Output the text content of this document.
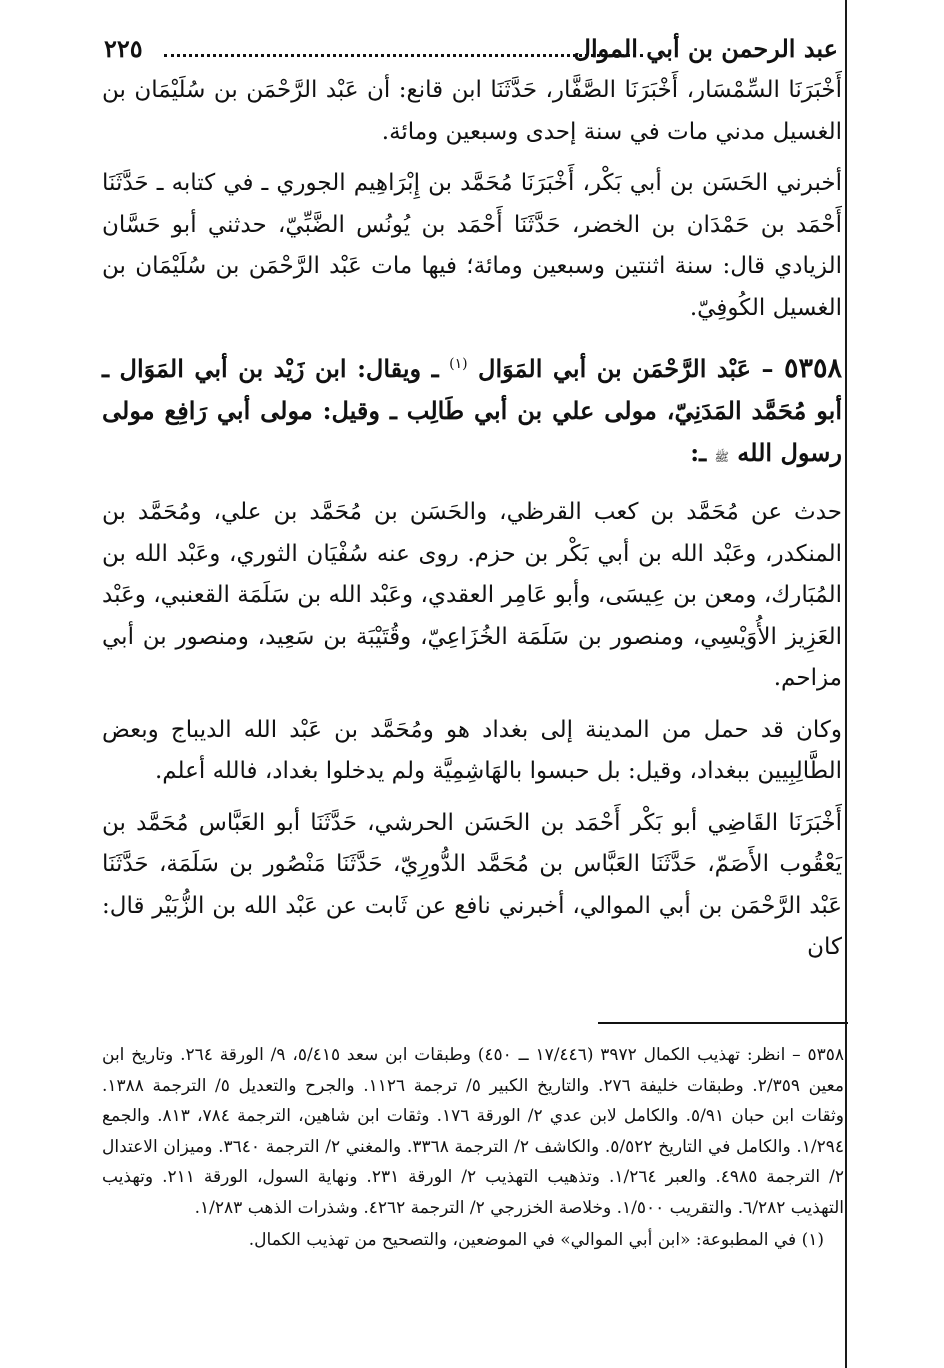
عبد الرحمن بن أبي الموال
٢٢٥

أَخْبَرَنَا السِّمْسَار، أَخْبَرَنَا الصَّفَّار، حَدَّثَنَا ابن قانع: أن عَبْد الرَّحْمَن بن سُلَيْمَان بن الغسيل مدني مات في سنة إحدى وسبعين ومائة.

أخبرني الحَسَن بن أبي بَكْر، أَخْبَرَنَا مُحَمَّد بن إِبْرَاهِيم الجوري ـ في كتابه ـ حَدَّثَنَا أَحْمَد بن حَمْدَان بن الخضر، حَدَّثَنَا أَحْمَد بن يُونُس الضَّبِّيّ، حدثني أبو حَسَّان الزيادي قال: سنة اثنتين وسبعين ومائة؛ فيها مات عَبْد الرَّحْمَن بن سُلَيْمَان بن الغسيل الكُوفِيّ.

٥٣٥٨ – عَبْد الرَّحْمَن بن أبي المَوَال $^{(١)}$ ـ ويقال: ابن زَيْد بن أبي المَوَال ـ أبو مُحَمَّد المَدَنِيّ، مولى علي بن أبي طَالِب ـ وقيل: مولى أبي رَافِع مولى رسول الله ﷺ ـ:

حدث عن مُحَمَّد بن كعب القرظي، والحَسَن بن مُحَمَّد بن علي، ومُحَمَّد بن المنكدر، وعَبْد الله بن أبي بَكْر بن حزم. روى عنه سُفْيَان الثوري، وعَبْد الله بن المُبَارك، ومعن بن عِيسَى، وأبو عَامِر العقدي، وعَبْد الله بن سَلَمَة القعنبي، وعَبْد العَزِيز الأُوَيْسِي، ومنصور بن سَلَمَة الخُزَاعِيّ، وقُتَيْبَة بن سَعِيد، ومنصور بن أبي مزاحم.

وكان قد حمل من المدينة إلى بغداد هو ومُحَمَّد بن عَبْد الله الديباج وبعض الطَّالِبِيين ببغداد، وقيل: بل حبسوا بالهَاشِمِيَّة ولم يدخلوا بغداد، فالله أعلم.

أَخْبَرَنَا القَاضِي أبو بَكْر أَحْمَد بن الحَسَن الحرشي، حَدَّثَنَا أبو العَبَّاس مُحَمَّد بن يَعْقُوب الأَصَمّ، حَدَّثَنَا العَبَّاس بن مُحَمَّد الدُّورِيّ، حَدَّثَنَا مَنْصُور بن سَلَمَة، حَدَّثَنَا عَبْد الرَّحْمَن بن أبي الموالي، أخبرني نافع عن ثَابت عن عَبْد الله بن الزُّبَيْر قال: كان

٥٣٥٨ – انظر: تهذيب الكمال ٣٩٧٢ (١٧/٤٤٦ ــ ٤٥٠) وطبقات ابن سعد ٥/٤١٥، ٩/ الورقة ٢٦٤. وتاريخ ابن معين ٢/٣٥٩. وطبقات خليفة ٢٧٦. والتاريخ الكبير ٥/ ترجمة ١١٢٦. والجرح والتعديل ٥/ الترجمة ١٣٨٨. وثقات ابن حبان ٥/٩١. والكامل لابن عدي ٢/ الورقة ١٧٦. وثقات ابن شاهين، الترجمة ٧٨٤، ٨١٣. والجمع ١/٢٩٤. والكامل في التاريخ ٥/٥٢٢. والكاشف ٢/ الترجمة ٣٣٦٨. والمغني ٢/ الترجمة ٣٦٤٠. وميزان الاعتدال ٢/ الترجمة ٤٩٨٥. والعبر ١/٢٦٤. وتذهيب التهذيب ٢/ الورقة ٢٣١. ونهاية السول، الورقة ٢١١. وتهذيب التهذيب ٦/٢٨٢. والتقريب ١/٥٠٠. وخلاصة الخزرجي ٢/ الترجمة ٤٢٦٢. وشذرات الذهب ١/٢٨٣.

(١) في المطبوعة: «ابن أبي الموالي» في الموضعين، والتصحيح من تهذيب الكمال.
